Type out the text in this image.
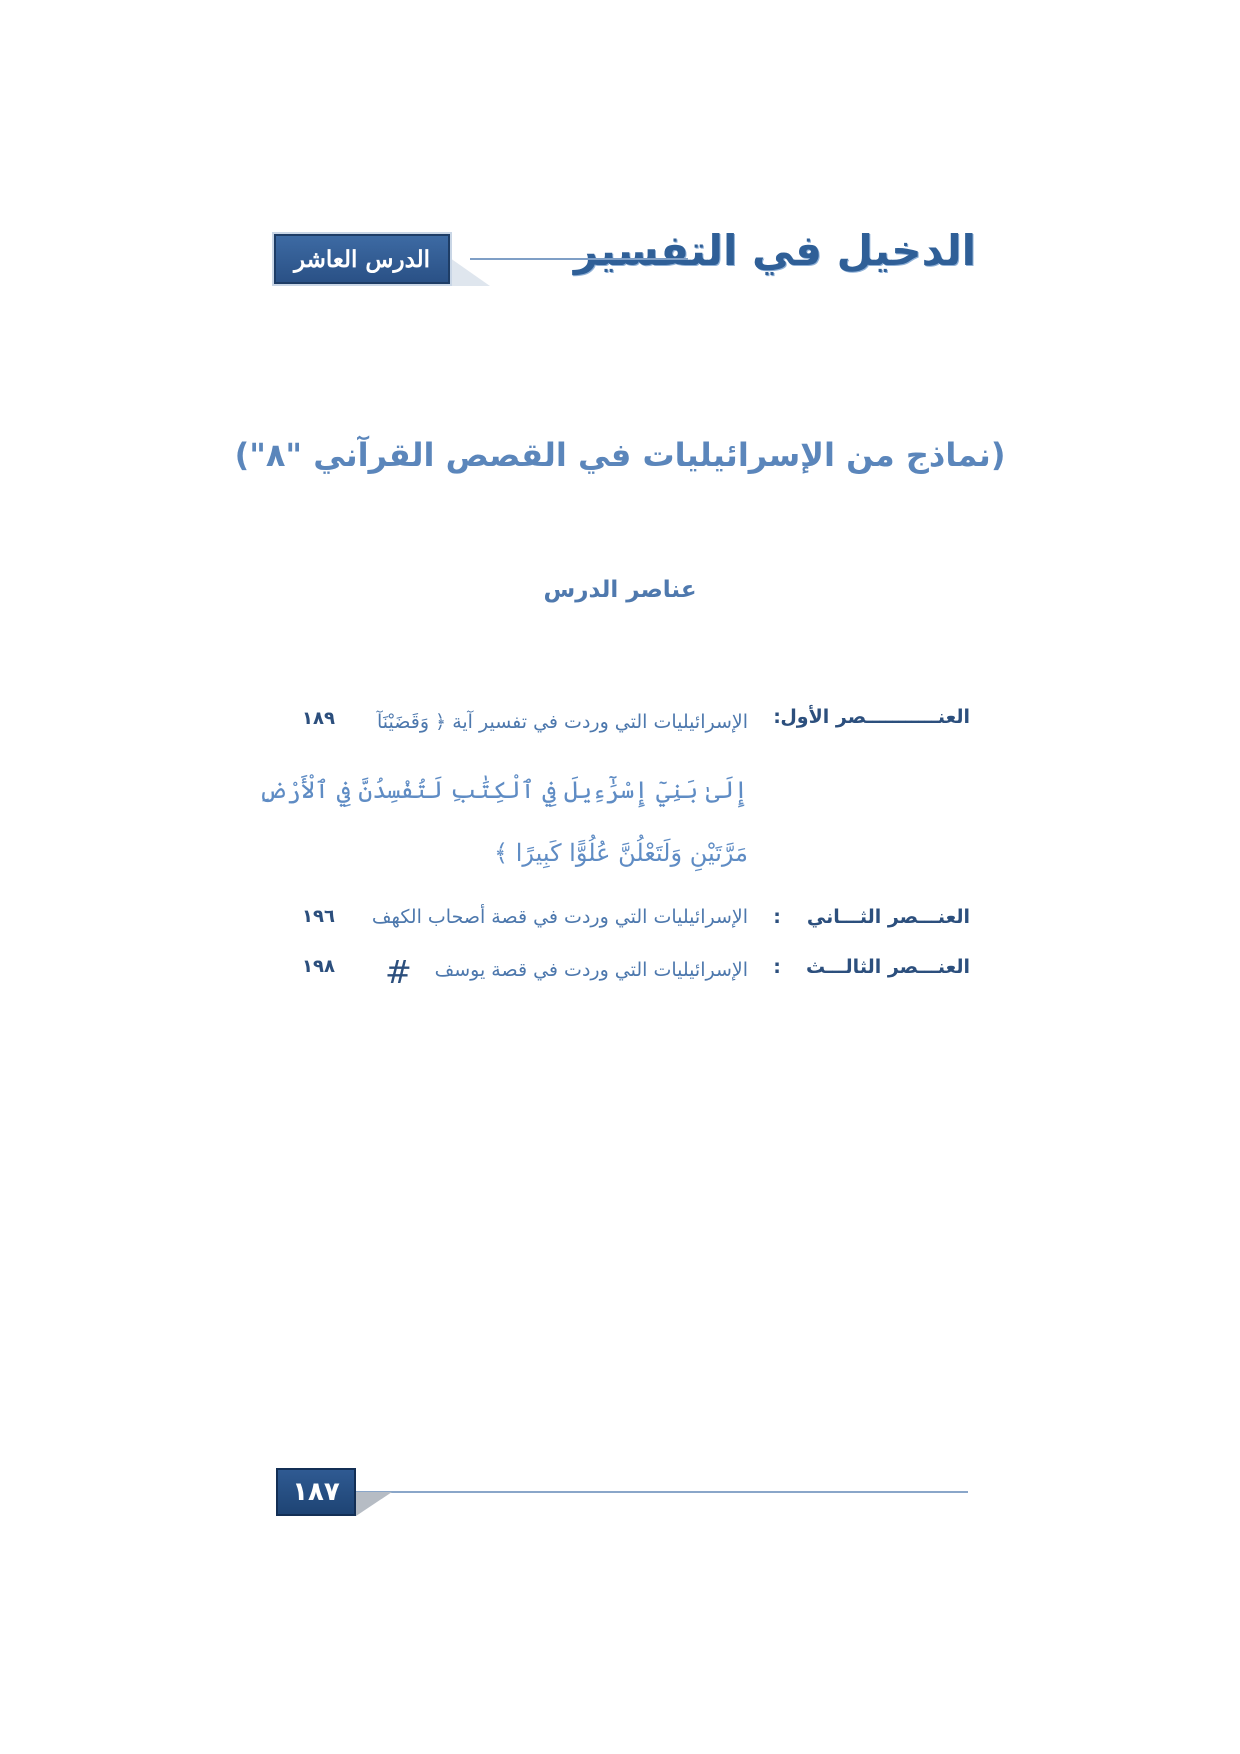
الدخيل في التفسير
الدرس العاشر
(نماذج من الإسرائيليات في القصص القرآني "٨")
عناصر الدرس
العنـــــــــــصر الأول
:
الإسرائيليات التي وردت في تفسير آية ﴿ وَقَضَيْنَآ
١٨٩
إِلَىٰ بَنِيٓ إِسْرَٰٓءِيلَ فِي ٱلْكِتَٰبِ لَتُفْسِدُنَّ فِي ٱلْأَرْضِ
مَرَّتَيْنِ وَلَتَعْلُنَّ عُلُوًّا كَبِيرًا ﴾
العنـــصر الثـــاني
:
الإسرائيليات التي وردت في قصة أصحاب الكهف
١٩٦
العنـــصر الثالـــث
:
الإسرائيليات التي وردت في قصة يوسف
١٩٨ #
١٨٧
